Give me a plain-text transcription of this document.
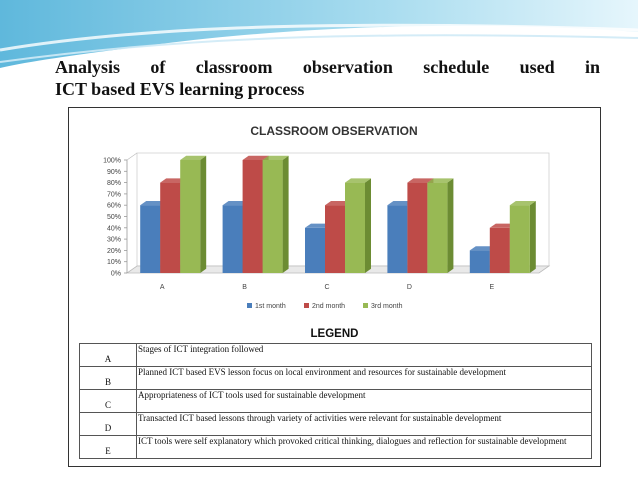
Analysis of classroom observation schedule used in
ICT based EVS learning process
CLASSROOM OBSERVATION
0%
10%
20%
30%
40%
50%
60%
70%
80%
90%
100%
A	B	C	D	E
1st month	2nd month	3rd month
LEGEND
A	Stages of ICT integration followed
B	Planned ICT based EVS lesson focus on local environment and resources for sustainable development
C	Appropriateness of ICT tools used for sustainable development
D	Transacted ICT based lessons through variety of activities were relevant for sustainable development
E	ICT tools were self explanatory which provoked critical thinking, dialogues and reflection for sustainable development
